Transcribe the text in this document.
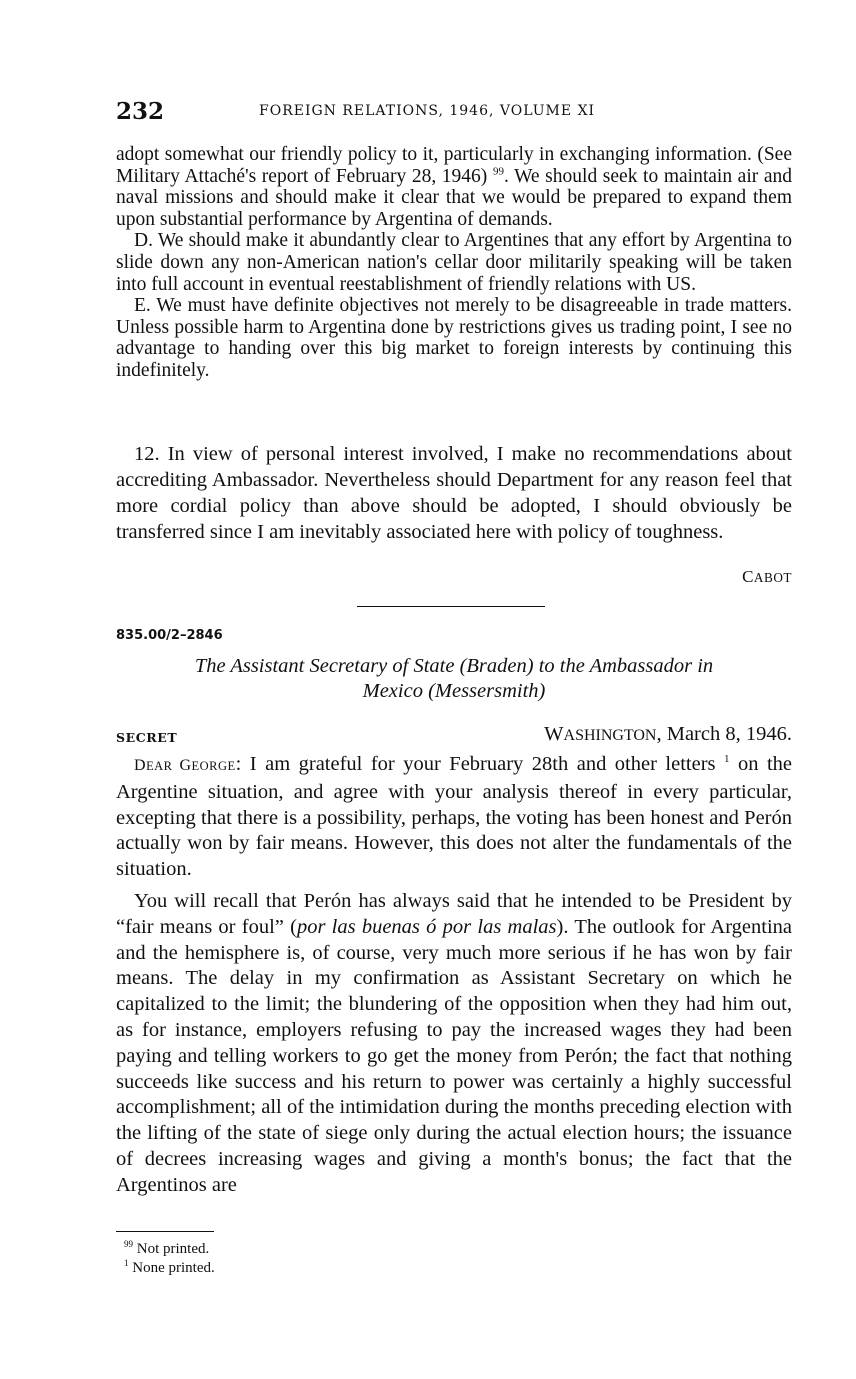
232	FOREIGN RELATIONS, 1946, VOLUME XI

adopt somewhat our friendly policy to it, particularly in exchanging information. (See Military Attaché's report of February 28, 1946) $^{99}$. We should seek to maintain air and naval missions and should make it clear that we would be prepared to expand them upon substantial performance by Argentina of demands.

D. We should make it abundantly clear to Argentines that any effort by Argentina to slide down any non-American nation's cellar door militarily speaking will be taken into full account in eventual reestablishment of friendly relations with US.

E. We must have definite objectives not merely to be disagreeable in trade matters. Unless possible harm to Argentina done by restrictions gives us trading point, I see no advantage to handing over this big market to foreign interests by continuing this indefinitely.

12. In view of personal interest involved, I make no recommendations about accrediting Ambassador. Nevertheless should Department for any reason feel that more cordial policy than above should be adopted, I should obviously be transferred since I am inevitably associated here with policy of toughness.

CABOT
835.00/2–2846
The Assistant Secretary of State (Braden) to the Ambassador in
Mexico (Messersmith)
SECRET	WASHINGTON, March 8, 1946.

DEAR GEORGE: I am grateful for your February 28th and other letters $^1$ on the Argentine situation, and agree with your analysis thereof in every particular, excepting that there is a possibility, perhaps, the voting has been honest and Perón actually won by fair means. However, this does not alter the fundamentals of the situation.

You will recall that Perón has always said that he intended to be President by “fair means or foul” (por las buenas ó por las malas). The outlook for Argentina and the hemisphere is, of course, very much more serious if he has won by fair means. The delay in my confirmation as Assistant Secretary on which he capitalized to the limit; the blundering of the opposition when they had him out, as for instance, employers refusing to pay the increased wages they had been paying and telling workers to go get the money from Perón; the fact that nothing succeeds like success and his return to power was certainly a highly successful accomplishment; all of the intimidation during the months preceding election with the lifting of the state of siege only during the actual election hours; the issuance of decrees increasing wages and giving a month's bonus; the fact that the Argentinos are

$^{99}$ Not printed.
$^1$ None printed.
